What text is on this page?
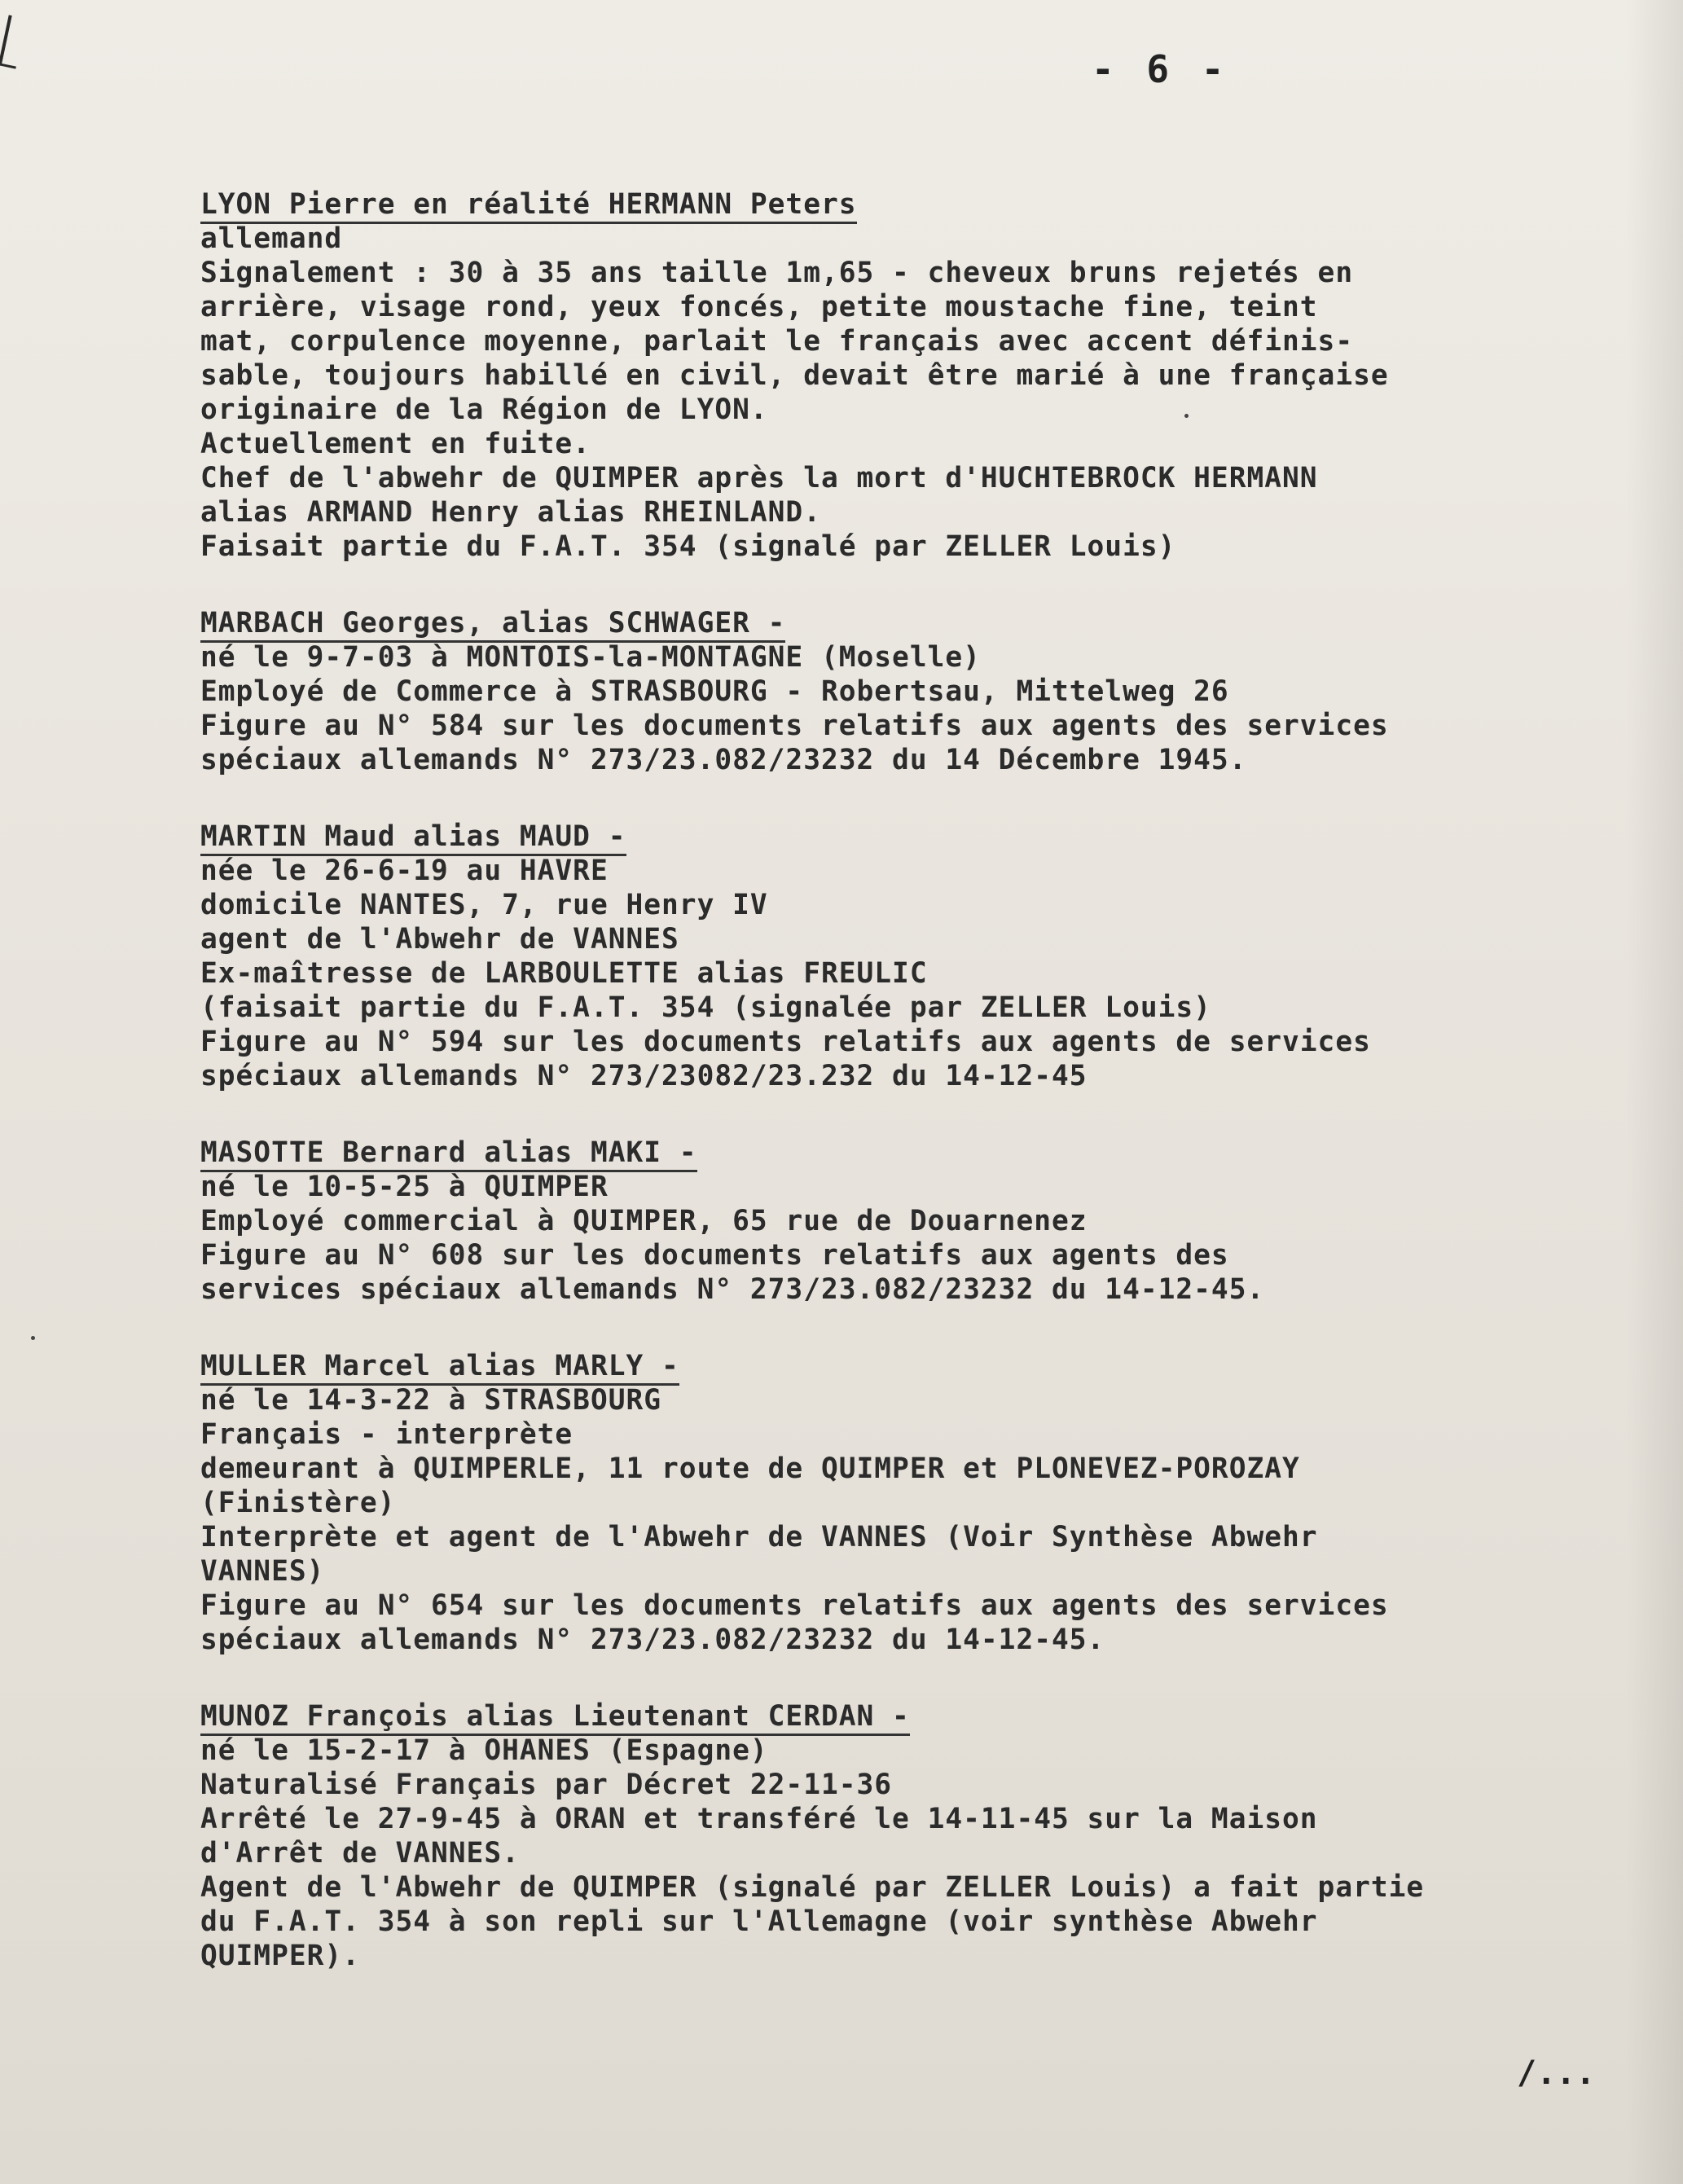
- 6 -
LYON Pierre en réalité HERMANN Peters
allemand
Signalement : 30 à 35 ans taille 1m,65 - cheveux bruns rejetés en
arrière, visage rond, yeux foncés, petite moustache fine, teint
mat, corpulence moyenne, parlait le français avec accent définis-
sable, toujours habillé en civil, devait être marié à une française
originaire de la Région de LYON.
Actuellement en fuite.
Chef de l'abwehr de QUIMPER après la mort d'HUCHTEBROCK HERMANN
alias ARMAND Henry alias RHEINLAND.
Faisait partie du F.A.T. 354 (signalé par ZELLER Louis)
MARBACH Georges, alias SCHWAGER -
né le 9-7-03 à MONTOIS-la-MONTAGNE (Moselle)
Employé de Commerce à STRASBOURG - Robertsau, Mittelweg 26
Figure au N° 584 sur les documents relatifs aux agents des services
spéciaux allemands N° 273/23.082/23232 du 14 Décembre 1945.
MARTIN Maud alias MAUD -
née le 26-6-19 au HAVRE
domicile NANTES, 7, rue Henry IV
agent de l'Abwehr de VANNES
Ex-maîtresse de LARBOULETTE alias FREULIC
(faisait partie du F.A.T. 354 (signalée par ZELLER Louis)
Figure au N° 594 sur les documents relatifs aux agents de services
spéciaux allemands N° 273/23082/23.232 du 14-12-45
MASOTTE Bernard alias MAKI -
né le 10-5-25 à QUIMPER
Employé commercial à QUIMPER, 65 rue de Douarnenez
Figure au N° 608 sur les documents relatifs aux agents des
services spéciaux allemands N° 273/23.082/23232 du 14-12-45.
MULLER Marcel alias MARLY -
né le 14-3-22 à STRASBOURG
Français - interprète
demeurant à QUIMPERLE, 11 route de QUIMPER et PLONEVEZ-POROZAY
(Finistère)
Interprète et agent de l'Abwehr de VANNES (Voir Synthèse Abwehr
VANNES)
Figure au N° 654 sur les documents relatifs aux agents des services
spéciaux allemands N° 273/23.082/23232 du 14-12-45.
MUNOZ François alias Lieutenant CERDAN -
né le 15-2-17 à OHANES (Espagne)
Naturalisé Français par Décret 22-11-36
Arrêté le 27-9-45 à ORAN et transféré le 14-11-45 sur la Maison
d'Arrêt de VANNES.
Agent de l'Abwehr de QUIMPER (signalé par ZELLER Louis) a fait partie
du F.A.T. 354 à son repli sur l'Allemagne (voir synthèse Abwehr
QUIMPER).
/...
